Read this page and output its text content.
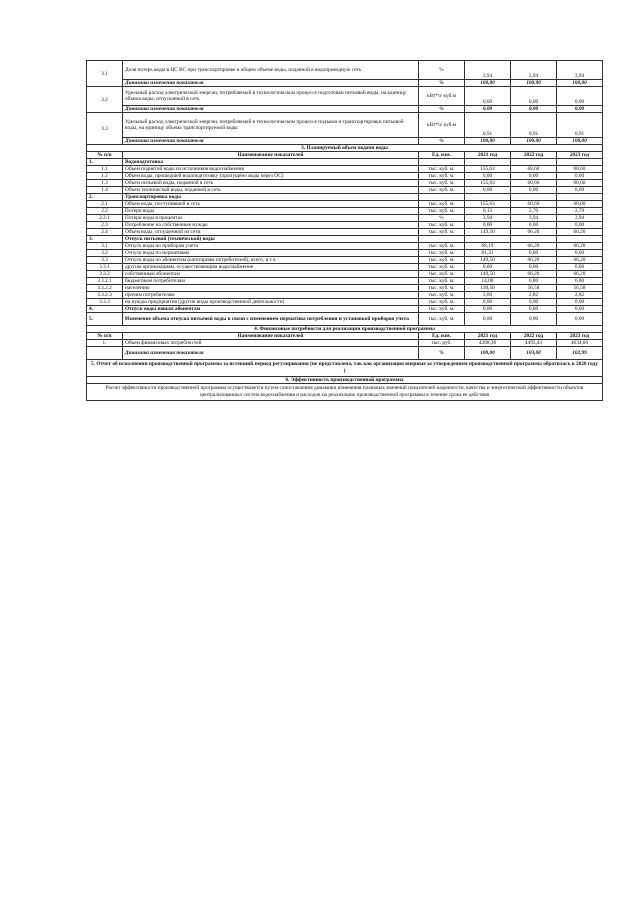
3.1	Доля потерь воды в ЦС ВС при транспортировке в общем объеме воды, поданной в водопроводную сеть	%	3,94	3,94	3,94
	Динамика изменения показателя	%	100,00	100,00	100,00
3.2	Удельный расход электрической энергии, потребляемой в технологическом процессе подготовки питьевой воды, на единицу объема воды, отпускаемой в сеть	кВт*ч/ куб.м	0,00	0,00	0,00
	Динамика изменения показателя	%	0,00	0,00	0,00
3.3	Удельный расход электрической энергии, потребляемой в технологическом процессе подъема и транспортировки питьевой воды, на единицу объема транспортируемой воды	кВт*ч/ куб.м	0,91	0,91	0,91
	Динамика изменения показателя	%	100,00	100,00	100,00
3. Планируемый объем подачи воды					
№ п/п	Наименование показателей	Ед. изм.	2021 год	2022 год	2023 год
1.	Водоподготовка				
1.1	Объем поднятой воды из источников водоснабжения	тыс. куб. м.	155,63	68,60	68,60
1.2	Объем воды, прошедшей водоподготовку (пропущено воды через ОС)	тыс. куб. м.	0,00	0,00	0,00
1.3	Объем питьевой воды, поданной в сеть	тыс. куб. м.	155,63	68,60	68,60
1.4	Объем технической воды, поданной в сеть	тыс. куб. м.	0,00	0,00	0,00
2.	Транспортировка воды				
2.1	Объем воды, поступившей в сеть	тыс. куб. м.	155,63	68,60	68,60
2.2	Потери воды	тыс. куб. м.	6,13	2,70	2,70
2.2.1	Потери воды в процентах	%	3,94	3,94	3,94
2.3	Потребление на собственные нужды	тыс. куб. м.	0,00	0,00	0,00
2.4	Объем воды, отпущенной из сети	тыс. куб. м.	149,50	66,20	66,20
3.	Отпуск питьевой (технической) воды				
3.1	Отпуск воды по приборам учета	тыс. куб. м.	68,19	66,20	66,20
3.2	Отпуск воды по нормативам	тыс. куб. м.	81,31	0,00	0,00
3.3	Отпуск воды по абонентам (категориям потребителей), всего, в т.ч.	тыс. куб. м.	149,50	66,20	66,20
3.3.1	другим организациям, осуществляющим водоснабжение	тыс. куб. м.	0,00	0,00	0,00
3.3.2	собственным абонентам	тыс. куб. м.	149,50	66,20	66,20
3.3.2.1	бюджетным потребителям	тыс. куб. м.	14,00	6,80	6,80
3.3.2.2	населению	тыс. куб. м.	130,50	56,58	56,58
3.3.2.3	прочим потребителям	тыс. куб. м.	5,00	2,82	2,82
3.3.3	на нужды предприятия (другие виды производственной деятельности)	тыс. куб. м.	0,00	0,00	0,00
4.	Отпуск воды новым абонентам	тыс. куб. м.	0,00	0,00	0,00
5.	Изменение объема отпуска питьевой воды в связи с изменением норматива потребления и установкой приборов учета	тыс. куб. м.	0,00	0,00	0,00
4. Финансовые потребности для реализации производственной программы					
№ п/п	Наименование показателей	Ед. изм.	2021 год	2022 год	2023 год
1.	Объем финансовых потребностей	тыс. руб.	4368,36	4495,43	4634,06
	Динамика изменения показателя	%	100,00	103,00	102,99
5. Отчет об исполнении производственной программы за истекший период регулирования (не представлена, так как организация впервые за утверждением производственной программы обратилась в 2020 году )					
6. Эффективность производственной программы					
Расчет эффективности производственной программы осуществляется путем сопоставления динамики изменения плановых значений показателей надежности, качества и энергетической эффективности объектов централизованных систем водоснабжения и расходов на реализацию производственной программы в течение срока ее действия					
